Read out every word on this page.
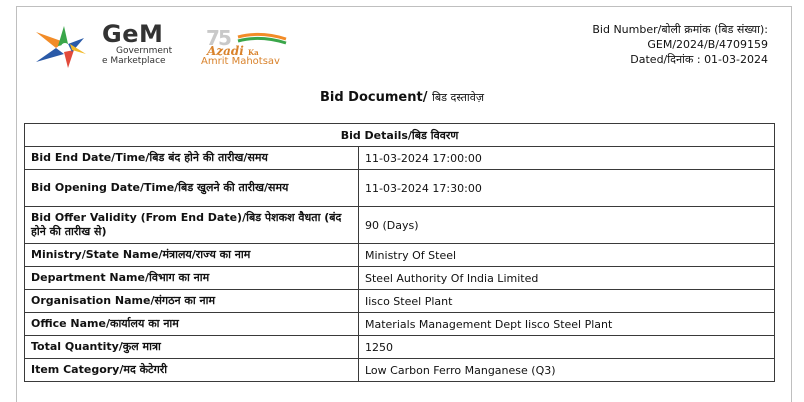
GeM
Government
e Marketplace
7
5
Azadi Ka
Amrit Mahotsav
Bid Number/बोली क्रमांक (बिड संख्या):
GEM/2024/B/4709159
Dated/दिनांक : 01-03-2024
Bid Document/ बिड दस्तावेज़
Bid Details/बिड विवरण	
Bid End Date/Time/बिड बंद होने की तारीख/समय	11-03-2024 17:00:00
Bid Opening Date/Time/बिड खुलने की तारीख/समय	11-03-2024 17:30:00
Bid Offer Validity (From End Date)/बिड पेशकश वैधता (बंद होने की तारीख से)	90 (Days)
Ministry/State Name/मंत्रालय/राज्य का नाम	Ministry Of Steel
Department Name/विभाग का नाम	Steel Authority Of India Limited
Organisation Name/संगठन का नाम	Iisco Steel Plant
Office Name/कार्यालय का नाम	Materials Management Dept Iisco Steel Plant
Total Quantity/कुल मात्रा	1250
Item Category/मद केटेगरी	Low Carbon Ferro Manganese (Q3)
